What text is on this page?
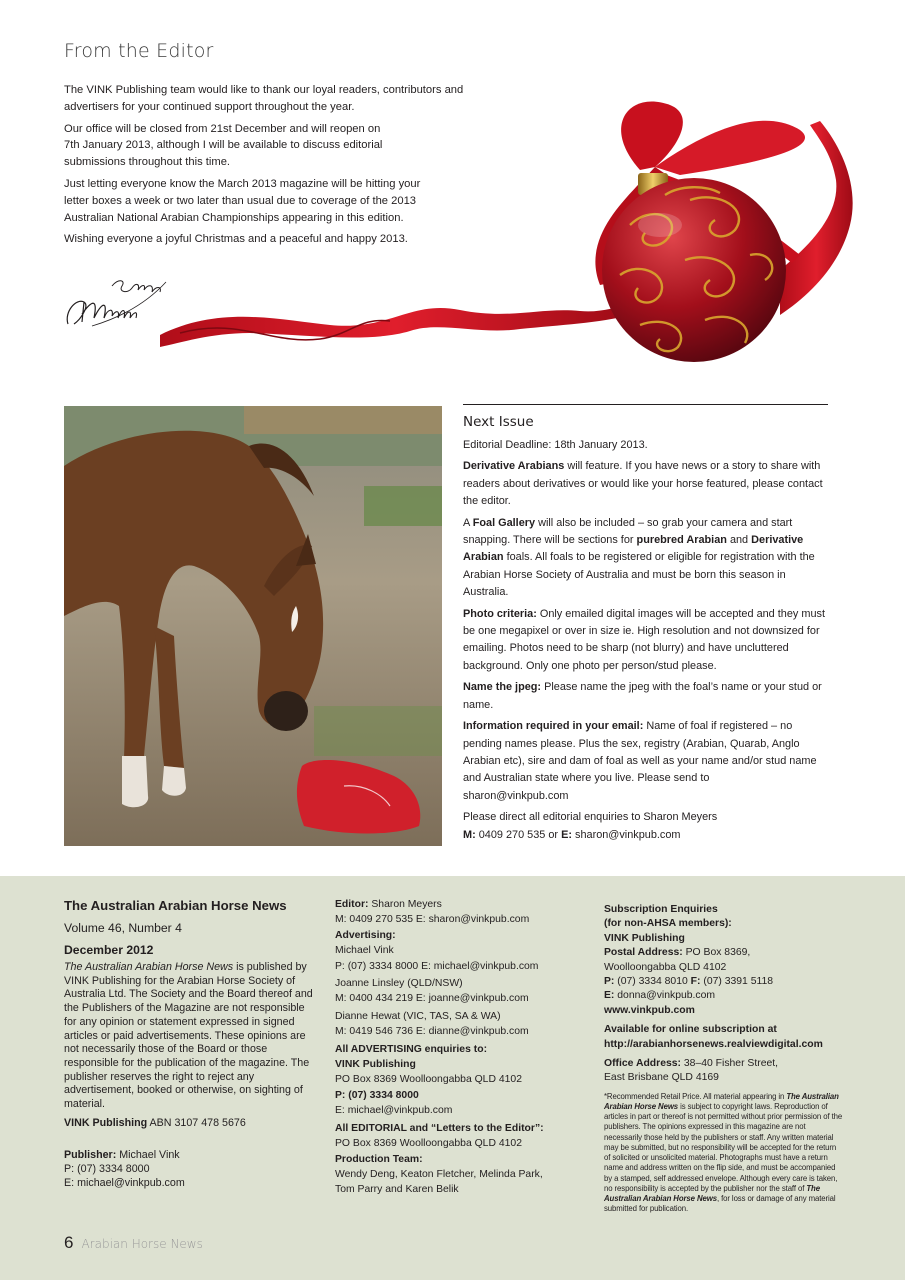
From the Editor

The VINK Publishing team would like to thank our loyal readers, contributors and advertisers for your continued support throughout the year.

Our office will be closed from 21st December and will reopen on 7th January 2013, although I will be available to discuss editorial submissions throughout this time.

Just letting everyone know the March 2013 magazine will be hitting your letter boxes a week or two later than usual due to coverage of the 2013 Australian National Arabian Championships appearing in this edition.

Wishing everyone a joyful Christmas and a peaceful and happy 2013.

Next Issue

Editorial Deadline: 18th January 2013.

Derivative Arabians will feature. If you have news or a story to share with readers about derivatives or would like your horse featured, please contact the editor.

A Foal Gallery will also be included – so grab your camera and start snapping. There will be sections for purebred Arabian and Derivative Arabian foals. All foals to be registered or eligible for registration with the Arabian Horse Society of Australia and must be born this season in Australia.

Photo criteria: Only emailed digital images will be accepted and they must be one megapixel or over in size ie. High resolution and not downsized for emailing. Photos need to be sharp (not blurry) and have uncluttered background. Only one photo per person/stud please.

Name the jpeg: Please name the jpeg with the foal’s name or your stud or name.

Information required in your email: Name of foal if registered – no pending names please. Plus the sex, registry (Arabian, Quarab, Anglo Arabian etc), sire and dam of foal as well as your name and/or stud name and Australian state where you live. Please send to
sharon@vinkpub.com

Please direct all editorial enquiries to Sharon Meyers
M: 0409 270 535 or E: sharon@vinkpub.com

The Australian Arabian Horse News
Volume 46, Number 4
December 2012

The Australian Arabian Horse News is published by VINK Publishing for the Arabian Horse Society of Australia Ltd. The Society and the Board thereof and the Publishers of the Magazine are not responsible for any opinion or statement expressed in signed articles or paid advertisements. These opinions are not necessarily those of the Board or those responsible for the publication of the magazine. The publisher reserves the right to reject any advertisement, booked or otherwise, on sighting of material.

VINK Publishing ABN 3107 478 5676

Publisher: Michael Vink
P: (07) 3334 8000
E: michael@vinkpub.com
Editor: Sharon Meyers
M: 0409 270 535 E: sharon@vinkpub.com
Advertising:
Michael Vink
P: (07) 3334 8000 E: michael@vinkpub.com
Joanne Linsley (QLD/NSW)
M: 0400 434 219 E: joanne@vinkpub.com
Dianne Hewat (VIC, TAS, SA & WA)
M: 0419 546 736 E: dianne@vinkpub.com
All ADVERTISING enquiries to:
VINK Publishing
PO Box 8369 Woolloongabba QLD 4102
P: (07) 3334 8000
E: michael@vinkpub.com
All EDITORIAL and “Letters to the Editor”:
PO Box 8369 Woolloongabba QLD 4102
Production Team:
Wendy Deng, Keaton Fletcher, Melinda Park, Tom Parry and Karen Belik
Subscription Enquiries
(for non-AHSA members):
VINK Publishing
Postal Address: PO Box 8369,
Woolloongabba QLD 4102
P: (07) 3334 8010 F: (07) 3391 5118
E: donna@vinkpub.com
www.vinkpub.com
Available for online subscription at
http://arabianhorsenews.realviewdigital.com
Office Address: 38–40 Fisher Street,
East Brisbane QLD 4169
*Recommended Retail Price. All material appearing in The Australian Arabian Horse News is subject to copyright laws. Reproduction of articles in part or thereof is not permitted without prior permission of the publishers. The opinions expressed in this magazine are not necessarily those held by the publishers or staff. Any written material may be submitted, but no responsibility will be accepted for the return of solicited or unsolicited material. Photographs must have a return name and address written on the flip side, and must be accompanied by a stamped, self addressed envelope. Although every care is taken, no responsibility is accepted by the publisher nor the staff of The Australian Arabian Horse News, for loss or damage of any material submitted for publication.
6 Arabian Horse News
